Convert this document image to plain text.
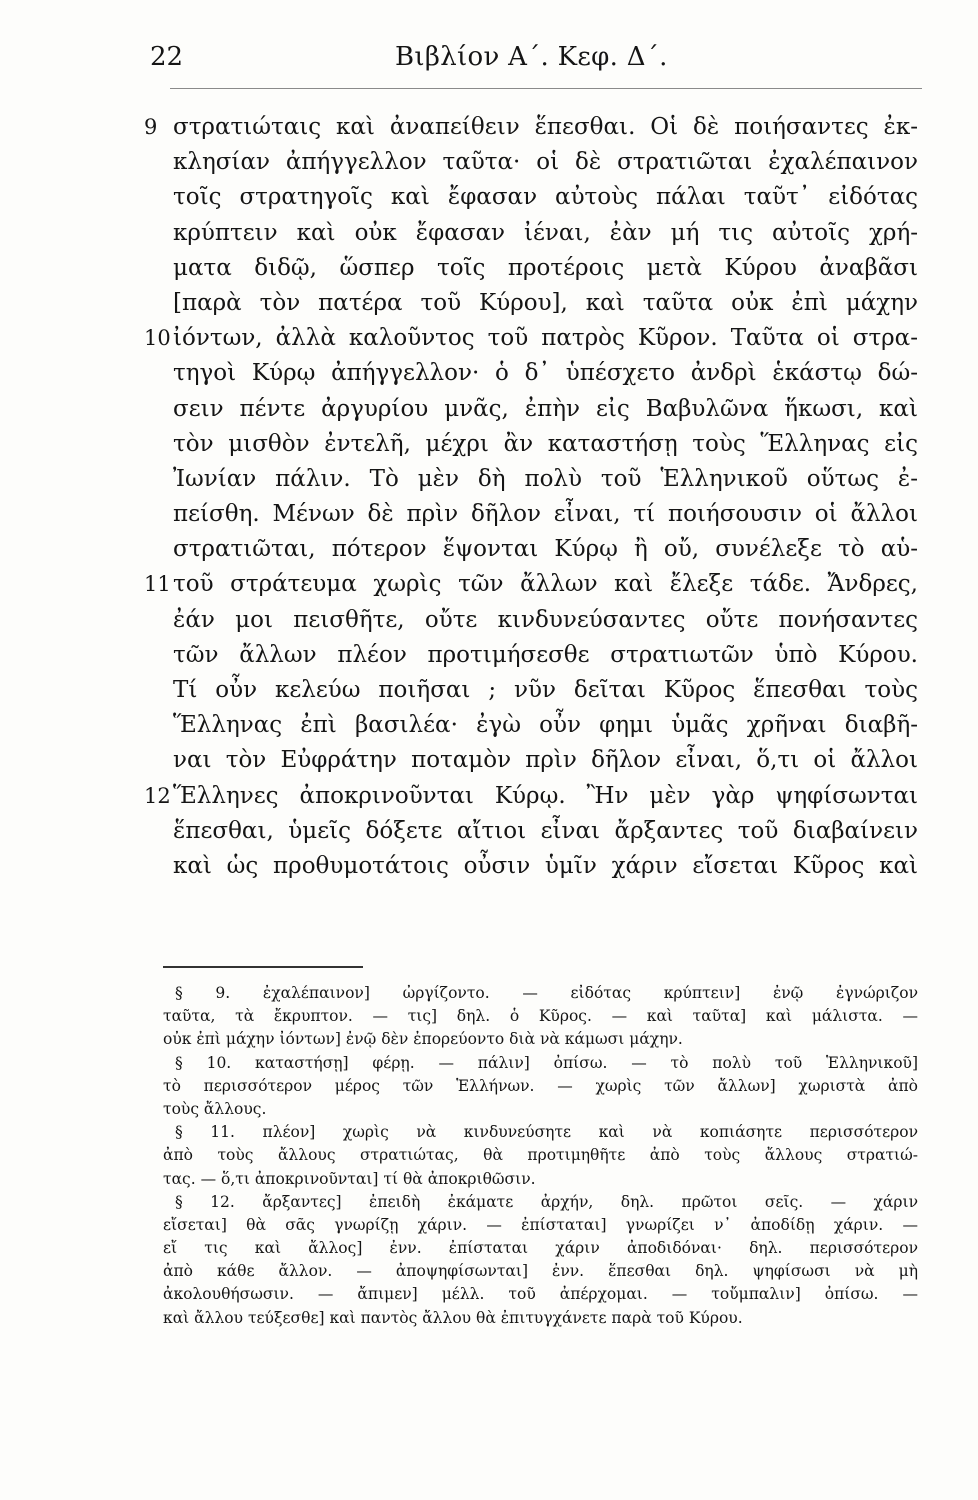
22	Βιβλίον Α΄. Κεφ. Δ΄.
9 στρατιώταις καὶ ἀναπείθειν ἕπεσθαι. Οἱ δὲ ποιήσαντες ἐκ-
κλησίαν ἀπήγγελλον ταῦτα· οἱ δὲ στρατιῶται ἐχαλέπαινον
τοῖς στρατηγοῖς καὶ ἔφασαν αὐτοὺς πάλαι ταῦτ᾽ εἰδότας
κρύπτειν καὶ οὐκ ἔφασαν ἰέναι, ἐὰν μή τις αὐτοῖς χρή-
ματα διδῷ, ὥσπερ τοῖς προτέροις μετὰ Κύρου ἀναβᾶσι
[παρὰ τὸν πατέρα τοῦ Κύρου], καὶ ταῦτα οὐκ ἐπὶ μάχην
10 ἰόντων, ἀλλὰ καλοῦντος τοῦ πατρὸς Κῦρον. Ταῦτα οἱ στρα-
τηγοὶ Κύρῳ ἀπήγγελλον· ὁ δ᾽ ὑπέσχετο ἀνδρὶ ἑκάστῳ δώ-
σειν πέντε ἀργυρίου μνᾶς, ἐπὴν εἰς Βαβυλῶνα ἥκωσι, καὶ
τὸν μισθὸν ἐντελῆ, μέχρι ἂν καταστήσῃ τοὺς Ἕλληνας εἰς
Ἰωνίαν πάλιν. Τὸ μὲν δὴ πολὺ τοῦ Ἑλληνικοῦ οὕτως ἐ-
πείσθη. Μένων δὲ πρὶν δῆλον εἶναι, τί ποιήσουσιν οἱ ἄλλοι
στρατιῶται, πότερον ἕψονται Κύρῳ ἢ οὔ, συνέλεξε τὸ αὑ-
11 τοῦ στράτευμα χωρὶς τῶν ἄλλων καὶ ἔλεξε τάδε. Ἄνδρες,
ἐάν μοι πεισθῆτε, οὔτε κινδυνεύσαντες οὔτε πονήσαντες
τῶν ἄλλων πλέον προτιμήσεσθε στρατιωτῶν ὑπὸ Κύρου.
Τί οὖν κελεύω ποιῆσαι ; νῦν δεῖται Κῦρος ἕπεσθαι τοὺς
Ἕλληνας ἐπὶ βασιλέα· ἐγὼ οὖν φημι ὑμᾶς χρῆναι διαβῆ-
ναι τὸν Εὐφράτην ποταμὸν πρὶν δῆλον εἶναι, ὅ,τι οἱ ἄλλοι
12 Ἕλληνες ἀποκρινοῦνται Κύρῳ. Ἢν μὲν γὰρ ψηφίσωνται
ἕπεσθαι, ὑμεῖς δόξετε αἴτιοι εἶναι ἄρξαντες τοῦ διαβαίνειν
καὶ ὡς προθυμοτάτοις οὖσιν ὑμῖν χάριν εἴσεται Κῦρος καὶ
§ 9. ἐχαλέπαινον] ὠργίζοντο. — εἰδότας κρύπτειν] ἐνῷ ἐγνώριζον
ταῦτα, τὰ ἔκρυπτον. — τις] δηλ. ὁ Κῦρος. — καὶ ταῦτα] καὶ μάλιστα. —
οὐκ ἐπὶ μάχην ἰόντων] ἐνῷ δὲν ἐπορεύοντο διὰ νὰ κάμωσι μάχην.
§ 10. καταστήσῃ] φέρῃ. — πάλιν] ὀπίσω. — τὸ πολὺ τοῦ Ἑλληνικοῦ]
τὸ περισσότερον μέρος τῶν Ἑλλήνων. — χωρὶς τῶν ἄλλων] χωριστὰ ἀπὸ
τοὺς ἄλλους.
§ 11. πλέον] χωρὶς νὰ κινδυνεύσητε καὶ νὰ κοπιάσητε περισσότερον
ἀπὸ τοὺς ἄλλους στρατιώτας, θὰ προτιμηθῆτε ἀπὸ τοὺς ἄλλους στρατιώ-
τας. — ὅ,τι ἀποκρινοῦνται] τί θὰ ἀποκριθῶσιν.
§ 12. ἄρξαντες] ἐπειδὴ ἐκάματε ἀρχήν, δηλ. πρῶτοι σεῖς. — χάριν
εἴσεται] θὰ σᾶς γνωρίζῃ χάριν. — ἐπίσταται] γνωρίζει ν᾽ ἀποδίδῃ χάριν. —
εἴ τις καὶ ἄλλος] ἐνν. ἐπίσταται χάριν ἀποδιδόναι· δηλ. περισσότερον
ἀπὸ κάθε ἄλλον. — ἀποψηφίσωνται] ἐνν. ἕπεσθαι δηλ. ψηφίσωσι νὰ μὴ
ἀκολουθήσωσιν. — ἄπιμεν] μέλλ. τοῦ ἀπέρχομαι. — τοὔμπαλιν] ὀπίσω. —
καὶ ἄλλου τεύξεσθε] καὶ παντὸς ἄλλου θὰ ἐπιτυγχάνετε παρὰ τοῦ Κύρου.
